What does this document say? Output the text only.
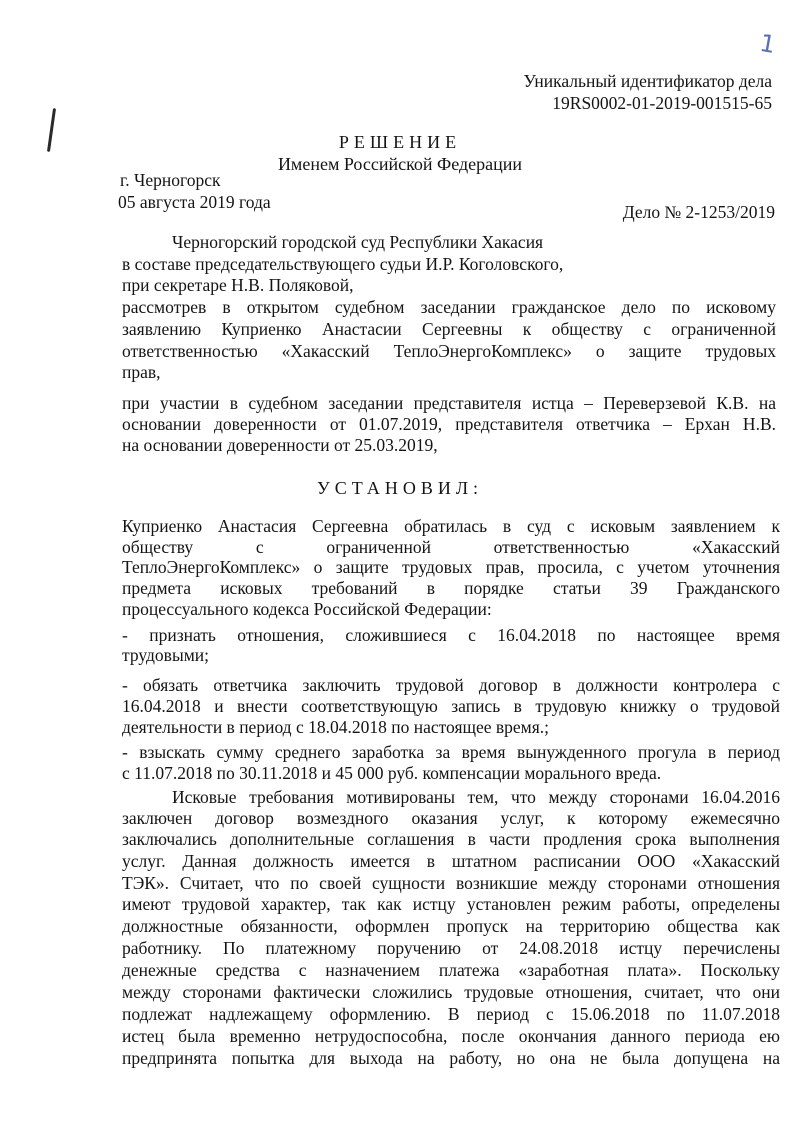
1
Уникальный идентификатор дела
19RS0002-01-2019-001515-65
РЕШЕНИЕ
Именем Российской Федерации
г. Черногорск
05 августа 2019 года	Дело № 2-1253/2019
Черногорский городской суд Республики Хакасия
в составе председательствующего судьи И.Р. Коголовского,
при секретаре Н.В. Поляковой,
рассмотрев в открытом судебном заседании гражданское дело по исковому
заявлению Куприенко Анастасии Сергеевны к обществу с ограниченной
ответственностью «Хакасский ТеплоЭнергоКомплекс» о защите трудовых
прав,
при участии в судебном заседании представителя истца – Переверзевой К.В. на
основании доверенности от 01.07.2019, представителя ответчика – Ерхан Н.В.
на основании доверенности от 25.03.2019,
УСТАНОВИЛ:
Куприенко Анастасия Сергеевна обратилась в суд с исковым заявлением к
обществу с ограниченной ответственностью «Хакасский
ТеплоЭнергоКомплекс» о защите трудовых прав, просила, с учетом уточнения
предмета исковых требований в порядке статьи 39 Гражданского
процессуального кодекса Российской Федерации:
- признать отношения, сложившиеся с 16.04.2018 по настоящее время
трудовыми;
- обязать ответчика заключить трудовой договор в должности контролера с
16.04.2018 и внести соответствующую запись в трудовую книжку о трудовой
деятельности в период с 18.04.2018 по настоящее время.;
- взыскать сумму среднего заработка за время вынужденного прогула в период
с 11.07.2018 по 30.11.2018 и 45 000 руб. компенсации морального вреда.
Исковые требования мотивированы тем, что между сторонами 16.04.2016
заключен договор возмездного оказания услуг, к которому ежемесячно
заключались дополнительные соглашения в части продления срока выполнения
услуг. Данная должность имеется в штатном расписании ООО «Хакасский
ТЭК». Считает, что по своей сущности возникшие между сторонами отношения
имеют трудовой характер, так как истцу установлен режим работы, определены
должностные обязанности, оформлен пропуск на территорию общества как
работнику. По платежному поручению от 24.08.2018 истцу перечислены
денежные средства с назначением платежа «заработная плата». Поскольку
между сторонами фактически сложились трудовые отношения, считает, что они
подлежат надлежащему оформлению. В период с 15.06.2018 по 11.07.2018
истец была временно нетрудоспособна, после окончания данного периода ею
предпринята попытка для выхода на работу, но она не была допущена на
